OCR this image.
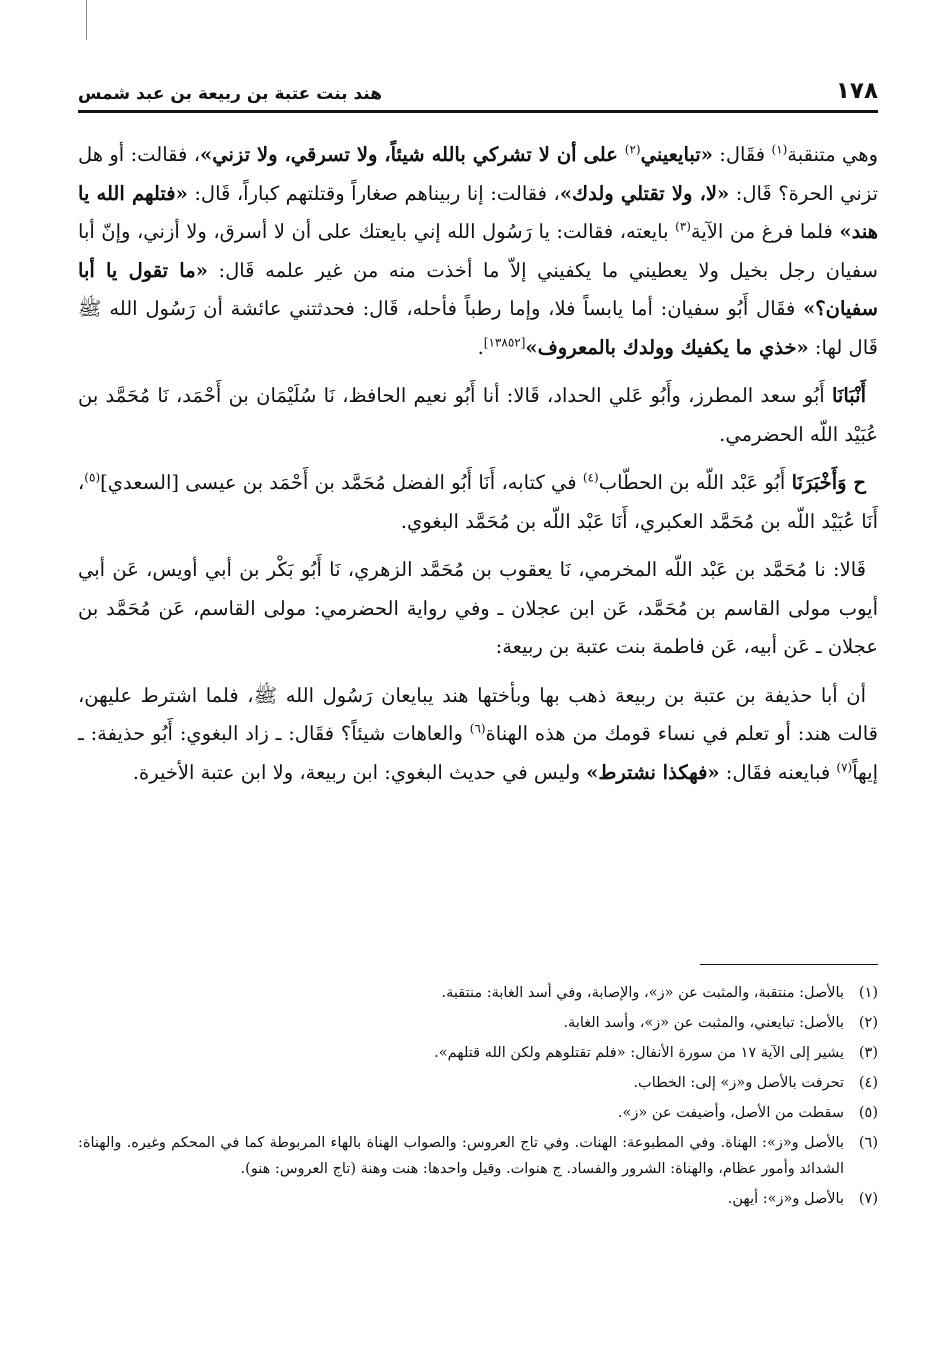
١٧٨
هند بنت عتبة بن ربيعة بن عبد شمس

وهي متنقبة$^{(١)}$ فقَال: «تبايعيني$^{(٢)}$ على أن لا تشركي بالله شيئاً، ولا تسرقي، ولا تزني»، فقالت: أو هل تزني الحرة؟ قَال: «لا، ولا تقتلي ولدك»، فقالت: إنا ربيناهم صغاراً وقتلتهم كباراً، قَال: «فتلهم الله يا هند» فلما فرغ من الآية$^{(٣)}$ بايعته، فقالت: يا رَسُول الله إني بايعتك على أن لا أسرق، ولا أزني، وإنّ أبا سفيان رجل بخيل ولا يعطيني ما يكفيني إلاّ ما أخذت منه من غير علمه قَال: «ما تقول يا أبا سفيان؟» فقَال أَبُو سفيان: أما يابساً فلا، وإما رطباً فأحله، قَال: فحدثتني عائشة أن رَسُول الله ﷺ قَال لها: «خذي ما يكفيك وولدك بالمعروف»[١٣٨٥٢].

أَنْبَانَا أَبُو سعد المطرز، وأَبُو عَلي الحداد، قَالا: أنا أَبُو نعيم الحافظ، نَا سُلَيْمَان بن أَحْمَد، نَا مُحَمَّد بن عُبَيْد اللّه الحضرمي.

ح وَأَخْبَرَنَا أَبُو عَبْد اللّه بن الحطّاب$^{(٤)}$ في كتابه، أَنَا أَبُو الفضل مُحَمَّد بن أَحْمَد بن عيسى [السعدي]$^{(٥)}$، أَنَا عُبَيْد اللّه بن مُحَمَّد العكبري، أَنَا عَبْد اللّه بن مُحَمَّد البغوي.

قَالا: نا مُحَمَّد بن عَبْد اللّه المخرمي، نَا يعقوب بن مُحَمَّد الزهري، نَا أَبُو بَكْر بن أبي أويس، عَن أبي أيوب مولى القاسم بن مُحَمَّد، عَن ابن عجلان ـ وفي رواية الحضرمي: مولى القاسم، عَن مُحَمَّد بن عجلان ـ عَن أبيه، عَن فاطمة بنت عتبة بن ربيعة:

أن أبا حذيفة بن عتبة بن ربيعة ذهب بها وبأختها هند يبايعان رَسُول الله ﷺ، فلما اشترط عليهن، قالت هند: أو تعلم في نساء قومك من هذه الهناة$^{(٦)}$ والعاهات شيئاً؟ فقَال: ـ زاد البغوي: أَبُو حذيفة: ـ إيهاً$^{(٧)}$ فبايعنه فقَال: «فهكذا نشترط» وليس في حديث البغوي: ابن ربيعة، ولا ابن عتبة الأخيرة.

(١)
بالأصل: منتقبة، والمثبت عن «ز»، والإصابة، وفي أسد الغابة: منتقبة.
(٢)
بالأصل: تبايعني، والمثبت عن «ز»، وأسد الغابة.
(٣)
يشير إلى الآية ١٧ من سورة الأنفال: «فلم تقتلوهم ولكن الله قتلهم».
(٤)
تحرفت بالأصل و«ز» إلى: الخطاب.
(٥)
سقطت من الأصل، وأضيفت عن «ز».
(٦)
بالأصل و«ز»: الهناة. وفي المطبوعة: الهنات. وفي تاج العروس: والصواب الهناة بالهاء المربوطة كما في المحكم وغيره. والهناة: الشدائد وأمور عظام، والهناة: الشرور والفساد. ج هنوات. وقيل واحدها: هنت وهنة (تاج العروس: هنو).
(٧)
بالأصل و«ز»: أيهن.
